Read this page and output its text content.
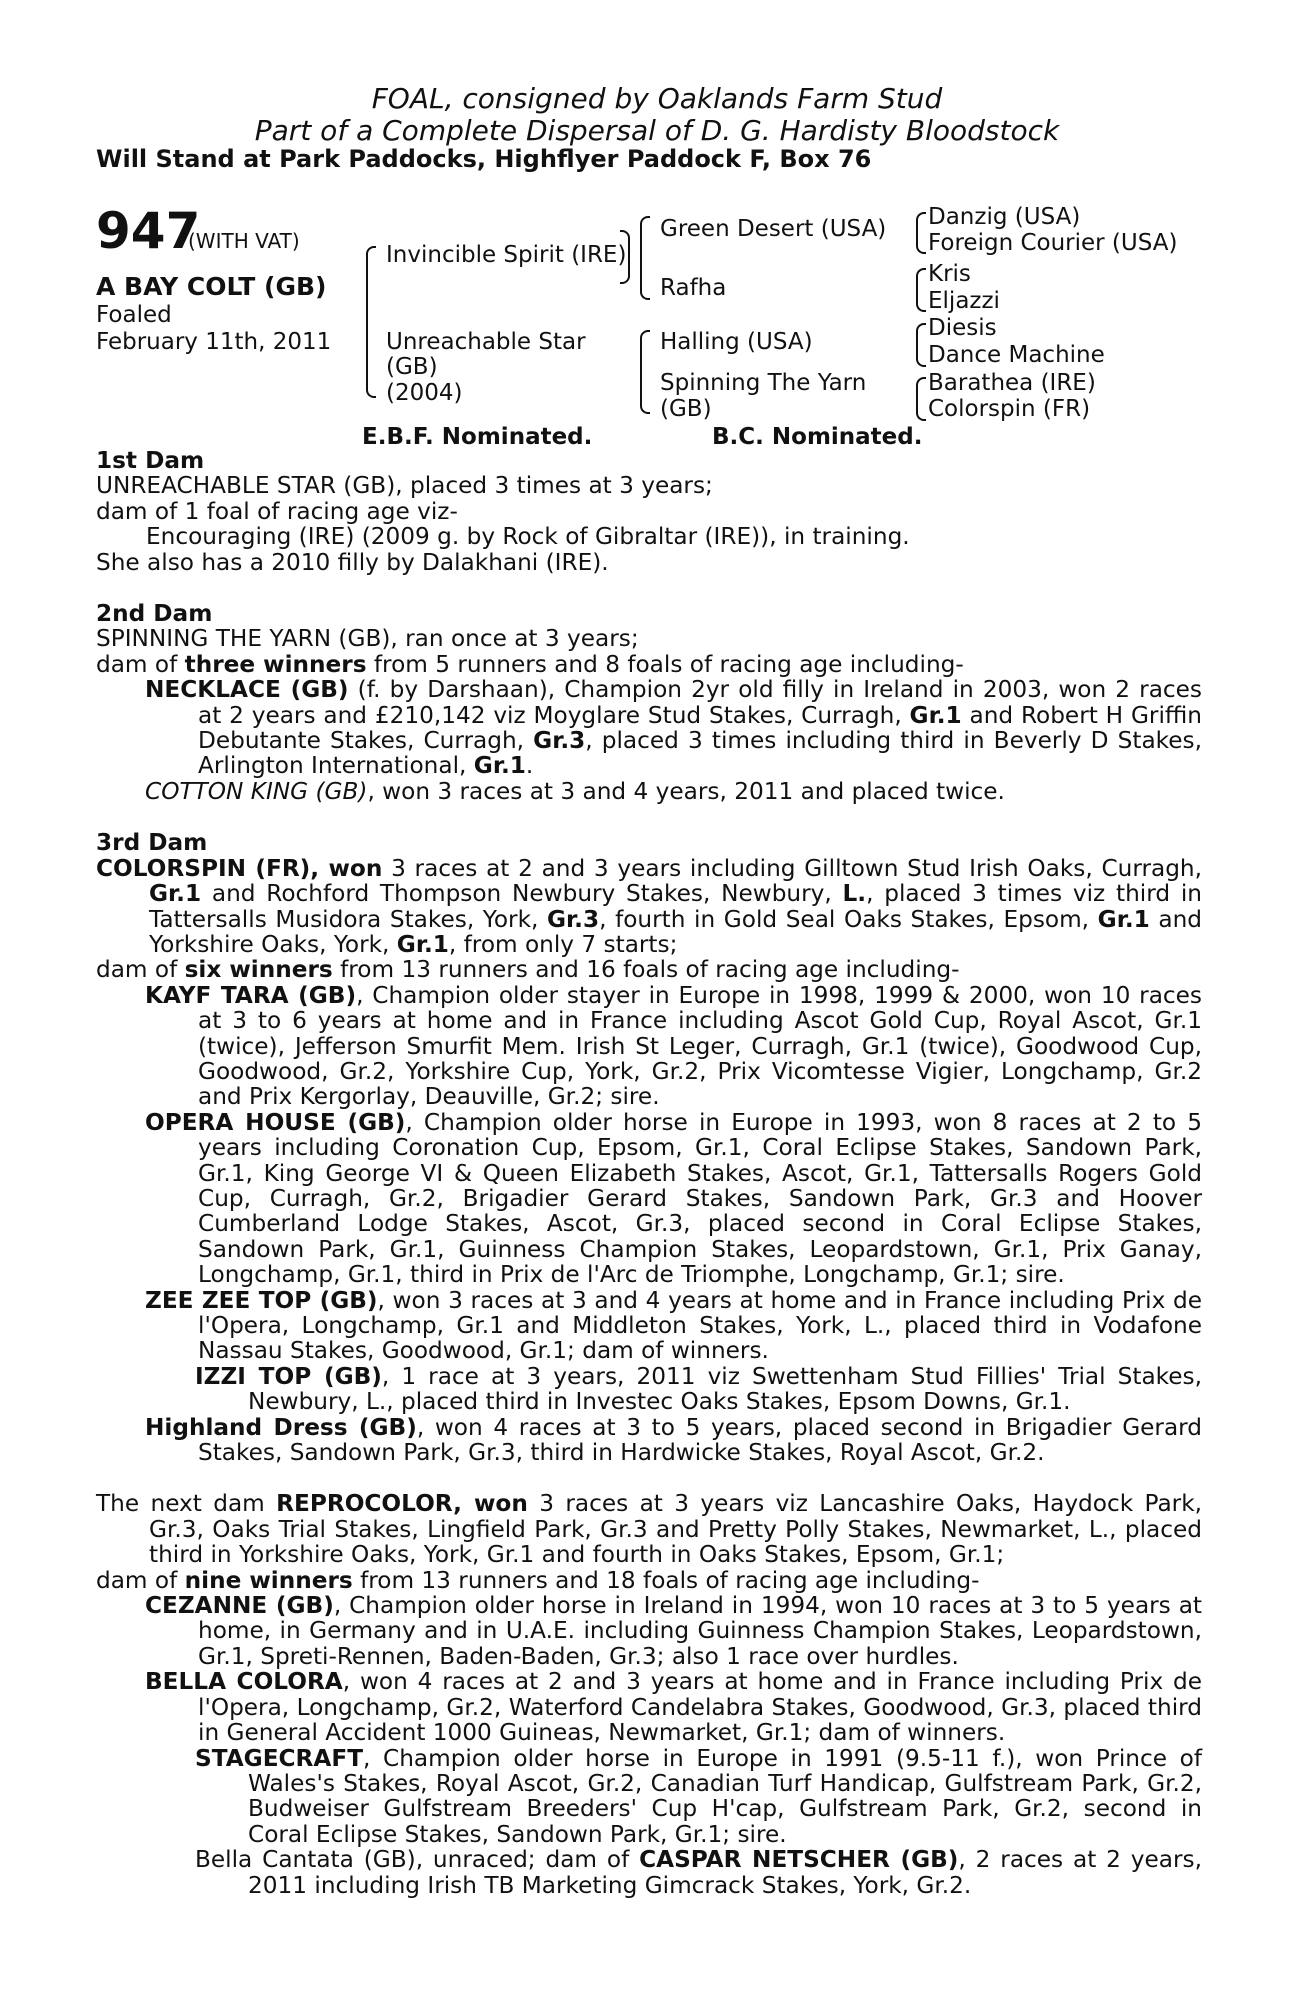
FOAL, consigned by Oaklands Farm Stud
Part of a Complete Dispersal of D. G. Hardisty Bloodstock
Will Stand at Park Paddocks, Highflyer Paddock F, Box 76
947
(WITH VAT)
A BAY COLT (GB)
Foaled
February 11th, 2011
Invincible Spirit (IRE)
Unreachable Star
(GB)
(2004)
Green Desert (USA)
Rafha
Halling (USA)
Spinning The Yarn
(GB)
Danzig (USA)
Foreign Courier (USA)
Kris
Eljazzi
Diesis
Dance Machine
Barathea (IRE)
Colorspin (FR)
E.B.F. Nominated.	B.C. Nominated.

1st Dam

UNREACHABLE STAR (GB), placed 3 times at 3 years;

dam of 1 foal of racing age viz-

Encouraging (IRE) (2009 g. by Rock of Gibraltar (IRE)), in training.

She also has a 2010 filly by Dalakhani (IRE).

2nd Dam

SPINNING THE YARN (GB), ran once at 3 years;

dam of three winners from 5 runners and 8 foals of racing age including-

NECKLACE (GB) (f. by Darshaan), Champion 2yr old filly in Ireland in 2003, won 2 races at 2 years and £210,142 viz Moyglare Stud Stakes, Curragh, Gr.1 and Robert H Griffin Debutante Stakes, Curragh, Gr.3, placed 3 times including third in Beverly D Stakes, Arlington International, Gr.1.

COTTON KING (GB), won 3 races at 3 and 4 years, 2011 and placed twice.

3rd Dam

COLORSPIN (FR), won 3 races at 2 and 3 years including Gilltown Stud Irish Oaks, Curragh, Gr.1 and Rochford Thompson Newbury Stakes, Newbury, L., placed 3 times viz third in Tattersalls Musidora Stakes, York, Gr.3, fourth in Gold Seal Oaks Stakes, Epsom, Gr.1 and Yorkshire Oaks, York, Gr.1, from only 7 starts;

dam of six winners from 13 runners and 16 foals of racing age including-

KAYF TARA (GB), Champion older stayer in Europe in 1998, 1999 & 2000, won 10 races at 3 to 6 years at home and in France including Ascot Gold Cup, Royal Ascot, Gr.1 (twice), Jefferson Smurfit Mem. Irish St Leger, Curragh, Gr.1 (twice), Goodwood Cup, Goodwood, Gr.2, Yorkshire Cup, York, Gr.2, Prix Vicomtesse Vigier, Longchamp, Gr.2 and Prix Kergorlay, Deauville, Gr.2; sire.

OPERA HOUSE (GB), Champion older horse in Europe in 1993, won 8 races at 2 to 5 years including Coronation Cup, Epsom, Gr.1, Coral Eclipse Stakes, Sandown Park, Gr.1, King George VI & Queen Elizabeth Stakes, Ascot, Gr.1, Tattersalls Rogers Gold Cup, Curragh, Gr.2, Brigadier Gerard Stakes, Sandown Park, Gr.3 and Hoover Cumberland Lodge Stakes, Ascot, Gr.3, placed second in Coral Eclipse Stakes, Sandown Park, Gr.1, Guinness Champion Stakes, Leopardstown, Gr.1, Prix Ganay, Longchamp, Gr.1, third in Prix de l'Arc de Triomphe, Longchamp, Gr.1; sire.

ZEE ZEE TOP (GB), won 3 races at 3 and 4 years at home and in France including Prix de l'Opera, Longchamp, Gr.1 and Middleton Stakes, York, L., placed third in Vodafone Nassau Stakes, Goodwood, Gr.1; dam of winners.

IZZI TOP (GB), 1 race at 3 years, 2011 viz Swettenham Stud Fillies' Trial Stakes, Newbury, L., placed third in Investec Oaks Stakes, Epsom Downs, Gr.1.

Highland Dress (GB), won 4 races at 3 to 5 years, placed second in Brigadier Gerard Stakes, Sandown Park, Gr.3, third in Hardwicke Stakes, Royal Ascot, Gr.2.

The next dam REPROCOLOR, won 3 races at 3 years viz Lancashire Oaks, Haydock Park, Gr.3, Oaks Trial Stakes, Lingfield Park, Gr.3 and Pretty Polly Stakes, Newmarket, L., placed third in Yorkshire Oaks, York, Gr.1 and fourth in Oaks Stakes, Epsom, Gr.1;

dam of nine winners from 13 runners and 18 foals of racing age including-

CEZANNE (GB), Champion older horse in Ireland in 1994, won 10 races at 3 to 5 years at home, in Germany and in U.A.E. including Guinness Champion Stakes, Leopardstown, Gr.1, Spreti-Rennen, Baden-Baden, Gr.3; also 1 race over hurdles.

BELLA COLORA, won 4 races at 2 and 3 years at home and in France including Prix de l'Opera, Longchamp, Gr.2, Waterford Candelabra Stakes, Goodwood, Gr.3, placed third in General Accident 1000 Guineas, Newmarket, Gr.1; dam of winners.

STAGECRAFT, Champion older horse in Europe in 1991 (9.5-11 f.), won Prince of Wales's Stakes, Royal Ascot, Gr.2, Canadian Turf Handicap, Gulfstream Park, Gr.2, Budweiser Gulfstream Breeders' Cup H'cap, Gulfstream Park, Gr.2, second in Coral Eclipse Stakes, Sandown Park, Gr.1; sire.

Bella Cantata (GB), unraced; dam of CASPAR NETSCHER (GB), 2 races at 2 years, 2011 including Irish TB Marketing Gimcrack Stakes, York, Gr.2.
